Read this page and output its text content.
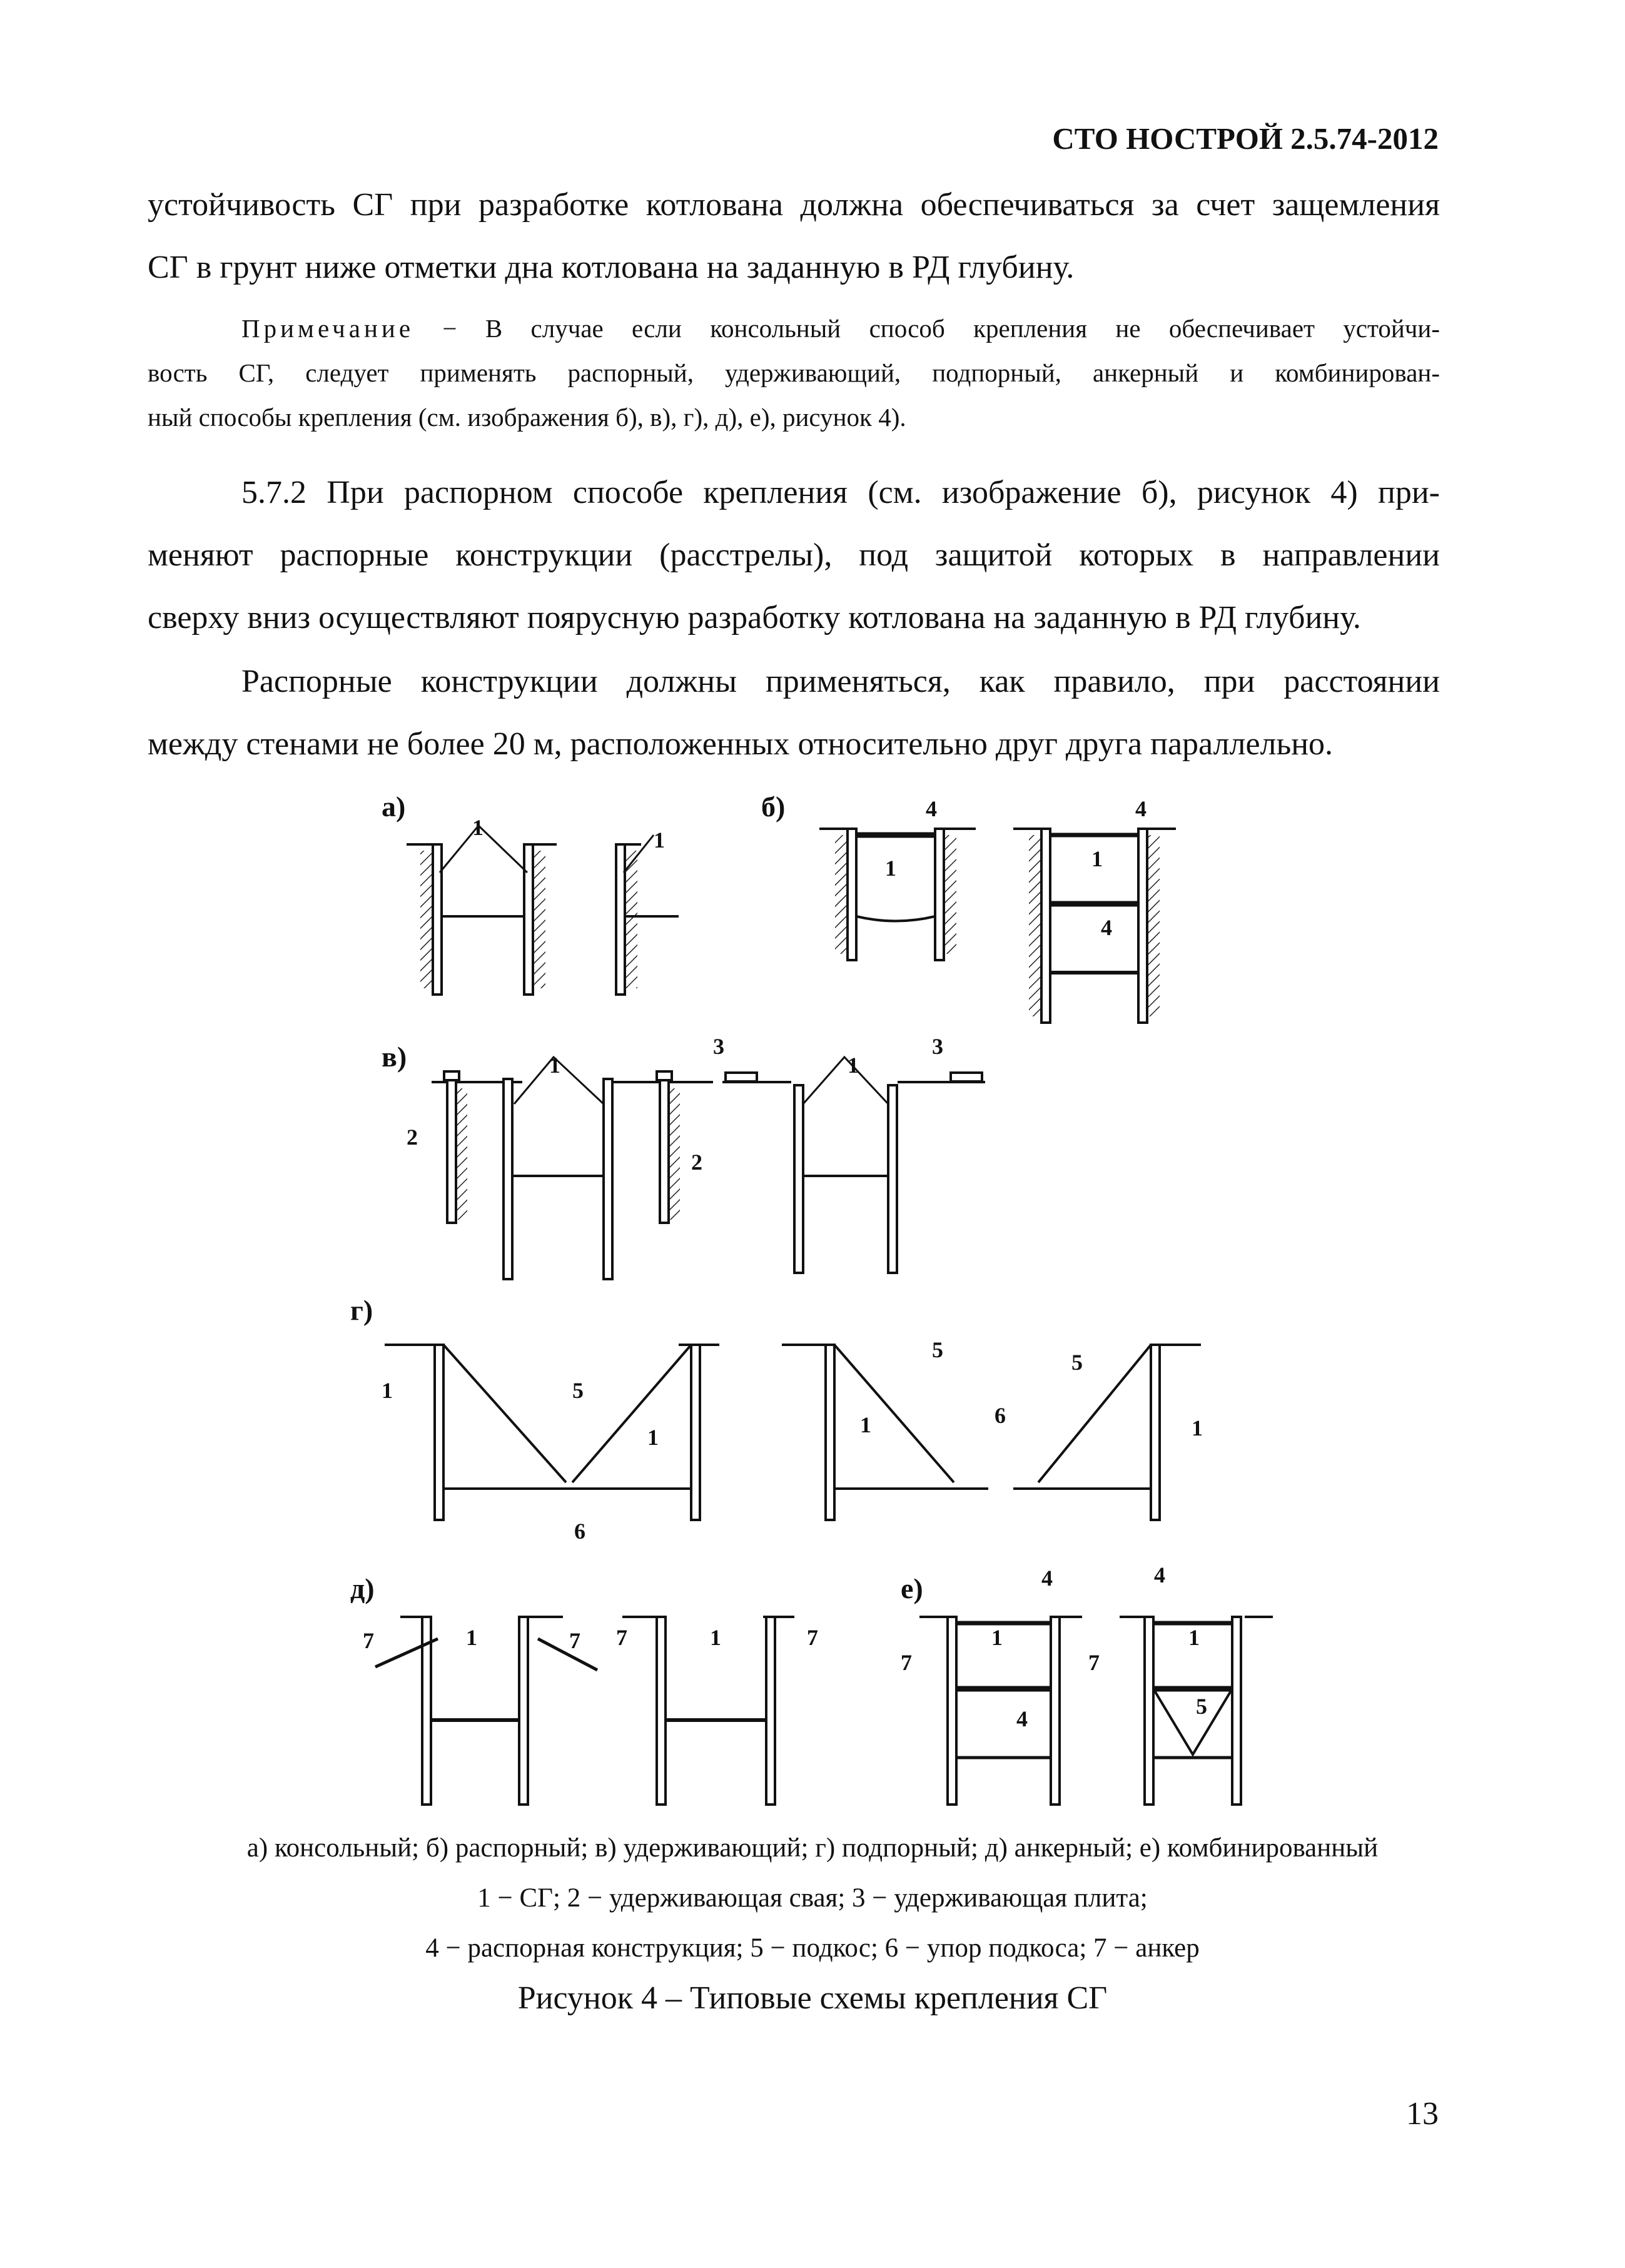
СТО НОСТРОЙ 2.5.74-2012
устойчивость СГ при разработке котлована должна обеспечиваться за счет защемления
СГ в грунт ниже отметки дна котлована на заданную в РД глубину.
Примечание − В случае если консольный способ крепления не обеспечивает устойчи-
вость СГ, следует применять распорный, удерживающий, подпорный, анкерный и комбинирован-
ный способы крепления (см. изображения б), в), г), д), е), рисунок 4).
5.7.2 При распорном способе крепления (см. изображение б), рисунок 4) при-
меняют распорные конструкции (расстрелы), под защитой которых в направлении
сверху вниз осуществляют поярусную разработку котлована на заданную в РД глубину.
Распорные конструкции должны применяться, как правило, при расстоянии
между стенами не более 20 м, расположенных относительно друг друга параллельно.
а)	б)
в)
г)
д)	е)
1	1
4	4
1	1
4
1	1
3	3
2
2
1
1
5
6
5	5
6
1	1
7	1	7 7	1	7
4	4
1	1
7	7
4	5
а) консольный; б) распорный; в) удерживающий; г) подпорный; д) анкерный; е) комбинированный
1 − СГ; 2 − удерживающая свая; 3 − удерживающая плита;
4 − распорная конструкция; 5 − подкос; 6 − упор подкоса; 7 − анкер
Рисунок 4 – Типовые схемы крепления СГ
13
